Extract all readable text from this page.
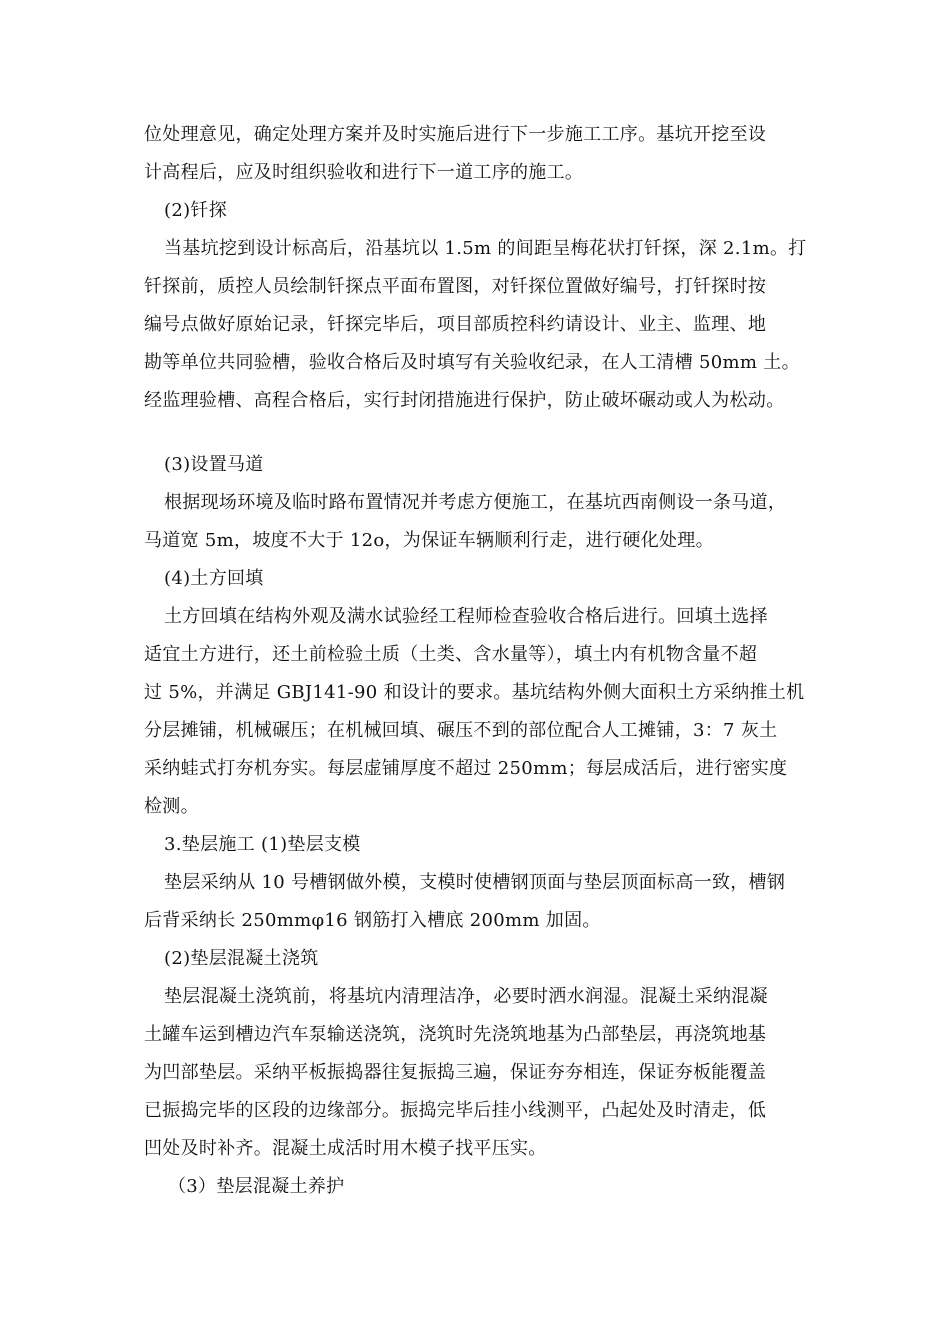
位处理意见，确定处理方案并及时实施后进行下一步施工工序。基坑开挖至设
计高程后，应及时组织验收和进行下一道工序的施工。
(2)钎探
当基坑挖到设计标高后，沿基坑以 1.5m 的间距呈梅花状打钎探，深 2.1m。打
钎探前，质控人员绘制钎探点平面布置图，对钎探位置做好编号，打钎探时按
编号点做好原始记录，钎探完毕后，项目部质控科约请设计、业主、监理、地
勘等单位共同验槽，验收合格后及时填写有关验收纪录，在人工清槽 50mm 土。
经监理验槽、高程合格后，实行封闭措施进行保护，防止破坏碾动或人为松动。
(3)设置马道
根据现场环境及临时路布置情况并考虑方便施工，在基坑西南侧设一条马道，
马道宽 5m，坡度不大于 12o，为保证车辆顺利行走，进行硬化处理。
(4)土方回填
土方回填在结构外观及满水试验经工程师检查验收合格后进行。回填土选择
适宜土方进行，还土前检验土质（土类、含水量等），填土内有机物含量不超
过 5%，并满足 GBJ141-90 和设计的要求。基坑结构外侧大面积土方采纳推土机
分层摊铺，机械碾压；在机械回填、碾压不到的部位配合人工摊铺，3：7 灰土
采纳蛙式打夯机夯实。每层虚铺厚度不超过 250mm；每层成活后，进行密实度
检测。
3.垫层施工 (1)垫层支模
垫层采纳从 10 号槽钢做外模，支模时使槽钢顶面与垫层顶面标高一致，槽钢
后背采纳长 250mmφ16 钢筋打入槽底 200mm 加固。
(2)垫层混凝土浇筑
垫层混凝土浇筑前，将基坑内清理洁净，必要时洒水润湿。混凝土采纳混凝
土罐车运到槽边汽车泵输送浇筑，浇筑时先浇筑地基为凸部垫层，再浇筑地基
为凹部垫层。采纳平板振捣器往复振捣三遍，保证夯夯相连，保证夯板能覆盖
已振捣完毕的区段的边缘部分。振捣完毕后挂小线测平，凸起处及时清走，低
凹处及时补齐。混凝土成活时用木模子找平压实。
（3）垫层混凝土养护
